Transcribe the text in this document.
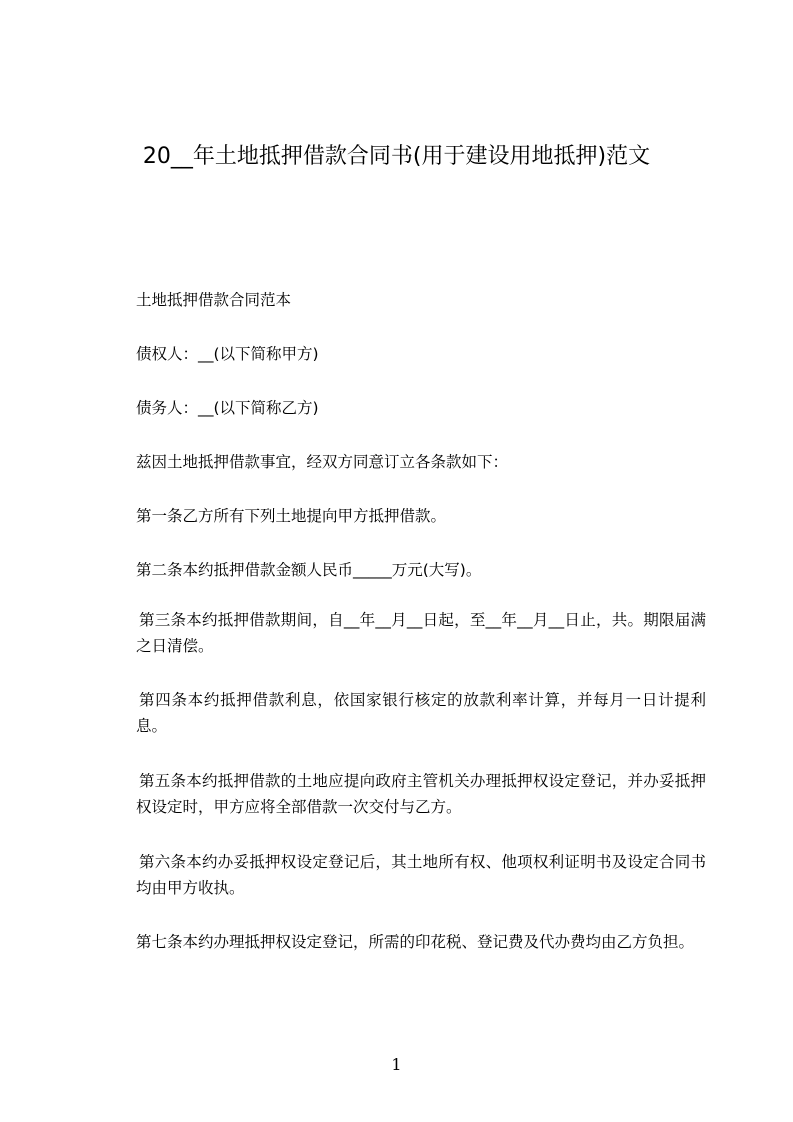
20__年土地抵押借款合同书(用于建设用地抵押)范文
土地抵押借款合同范本
债权人：__(以下简称甲方)
债务人：__(以下简称乙方)
兹因土地抵押借款事宜，经双方同意订立各条款如下：
第一条乙方所有下列土地提向甲方抵押借款。
第二条本约抵押借款金额人民币_____万元(大写)。
第三条本约抵押借款期间，自__年__月__日起，至__年__月__日止，共。期限届满之日清偿。
第四条本约抵押借款利息，依国家银行核定的放款利率计算，并每月一日计提利息。
第五条本约抵押借款的土地应提向政府主管机关办理抵押权设定登记，并办妥抵押权设定时，甲方应将全部借款一次交付与乙方。
第六条本约办妥抵押权设定登记后，其土地所有权、他项权利证明书及设定合同书均由甲方收执。
第七条本约办理抵押权设定登记，所需的印花税、登记费及代办费均由乙方负担。
1
